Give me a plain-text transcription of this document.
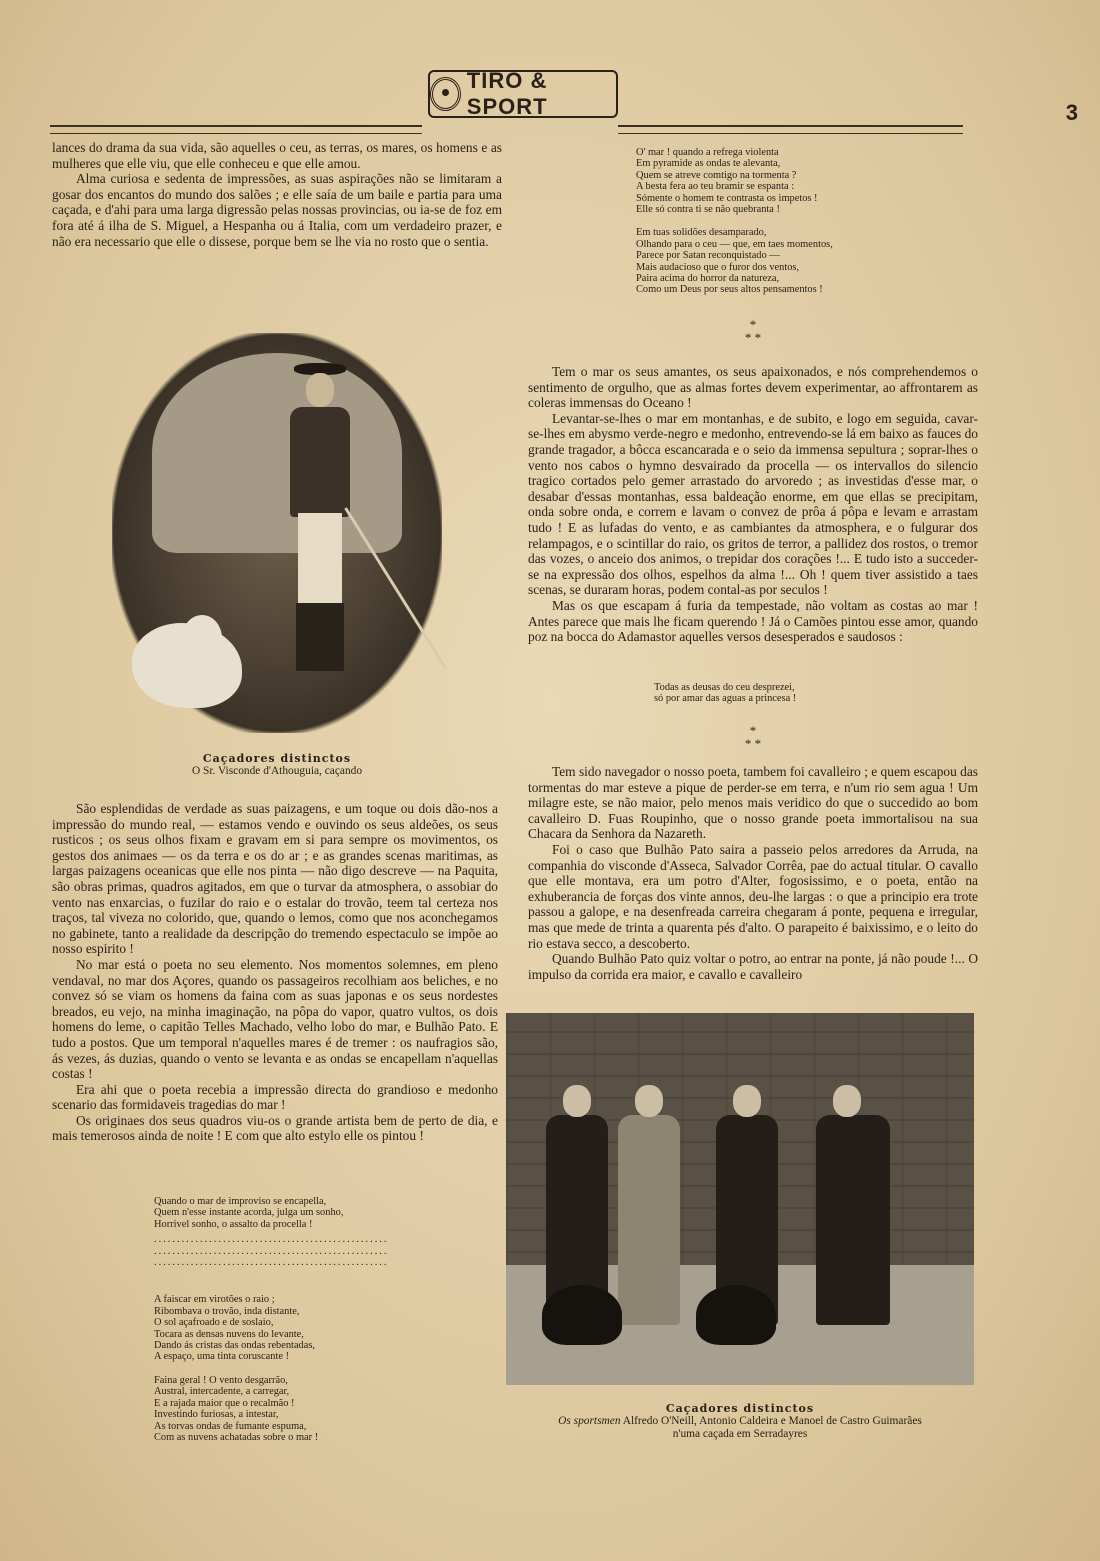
TIRO & SPORT	3

lances do drama da sua vida, são aquelles o ceu, as terras, os mares, os homens e as mulheres que elle viu, que elle conheceu e que elle amou.

Alma curiosa e sedenta de impressões, as suas aspirações não se limitaram a gosar dos encantos do mundo dos salões ; e elle saía de um baile e partia para uma caçada, e d'ahi para uma larga digressão pelas nossas provincias, ou ia-se de foz em fora até á ilha de S. Miguel, a Hespanha ou á Italia, com um verdadeiro prazer, e não era necessario que elle o dissese, porque bem se lhe via no rosto que o sentia.

O' mar ! quando a refrega violenta
Em pyramide as ondas te alevanta,
Quem se atreve comtigo na tormenta ?
A besta fera ao teu bramir se espanta :
Sómente o homem te contrasta os impetos !
Elle só contra ti se não quebranta !
Em tuas solidões desamparado,
Olhando para o ceu — que, em taes momentos,
Parece por Satan reconquistado —
Mais audacioso que o furor dos ventos,
Paira acima do horror da natureza,
Como um Deus por seus altos pensamentos !
*
* *
Caçadores distinctos
O Sr. Visconde d'Athouguia, caçando

Tem o mar os seus amantes, os seus apaixonados, e nós comprehendemos o sentimento de orgulho, que as almas fortes devem experimentar, ao affrontarem as coleras immensas do Oceano !

Levantar-se-lhes o mar em montanhas, e de subito, e logo em seguida, cavar-se-lhes em abysmo verde-negro e medonho, entrevendo-se lá em baixo as fauces do grande tragador, a bôcca escancarada e o seio da immensa sepultura ; soprar-lhes o vento nos cabos o hymno desvairado da procella — os intervallos do silencio tragico cortados pelo gemer arrastado do arvoredo ; as investidas d'esse mar, o desabar d'essas montanhas, essa baldeação enorme, em que ellas se precipitam, onda sobre onda, e correm e lavam o convez de prôa á pôpa e levam e arrastam tudo ! E as lufadas do vento, e as cambiantes da atmosphera, e o fulgurar dos relampagos, e o scintillar do raio, os gritos de terror, a pallidez dos rostos, o tremor das vozes, o anceio dos animos, o trepidar dos corações !... E tudo isto a succeder-se na expressão dos olhos, espelhos da alma !... Oh ! quem tiver assistido a taes scenas, se duraram horas, podem contal-as por seculos !

Mas os que escapam á furia da tempestade, não voltam as costas ao mar ! Antes parece que mais lhe ficam querendo ! Já o Camões pintou esse amor, quando poz na bocca do Adamastor aquelles versos desesperados e saudosos :

Todas as deusas do ceu desprezei,
só por amar das aguas a princesa !
*
* *

Tem sido navegador o nosso poeta, tambem foi cavalleiro ; e quem escapou das tormentas do mar esteve a pique de perder-se em terra, e n'um rio sem agua ! Um milagre este, se não maior, pelo menos mais veridico do que o succedido ao bom cavalleiro D. Fuas Roupinho, que o nosso grande poeta immortalisou na sua Chacara da Senhora da Nazareth.

Foi o caso que Bulhão Pato saira a passeio pelos arredores da Arruda, na companhia do visconde d'Asseca, Salvador Corrêa, pae do actual titular. O cavallo que elle montava, era um potro d'Alter, fogosissimo, e o poeta, então na exhuberancia de forças dos vinte annos, deu-lhe largas : o que a principio era trote passou a galope, e na desenfreada carreira chegaram á ponte, pequena e irregular, mas que mede de trinta a quarenta pés d'alto. O parapeito é baixissimo, e o leito do rio estava secco, a descoberto.

Quando Bulhão Pato quiz voltar o potro, ao entrar na ponte, já não poude !... O impulso da corrida era maior, e cavallo e cavalleiro

São esplendidas de verdade as suas paizagens, e um toque ou dois dão-nos a impressão do mundo real, — estamos vendo e ouvindo os seus aldeões, os seus rusticos ; os seus olhos fixam e gravam em si para sempre os movimentos, os gestos dos animaes — os da terra e os do ar ; e as grandes scenas maritimas, as largas paizagens oceanicas que elle nos pinta — não digo descreve — na Paquita, são obras primas, quadros agitados, em que o turvar da atmosphera, o assobiar do vento nas enxarcias, o fuzilar do raio e o estalar do trovão, teem tal certeza nos traços, tal viveza no colorido, que, quando o lemos, como que nos aconchegamos no gabinete, tanto a realidade da descripção do tremendo espectaculo se impõe ao nosso espirito !

No mar está o poeta no seu elemento. Nos momentos solemnes, em pleno vendaval, no mar dos Açores, quando os passageiros recolhiam aos beliches, e no convez só se viam os homens da faina com as suas japonas e os seus nordestes breados, eu vejo, na minha imaginação, na pôpa do vapor, quatro vultos, os dois homens do leme, o capitão Telles Machado, velho lobo do mar, e Bulhão Pato. E tudo a postos. Que um temporal n'aquelles mares é de tremer : os naufragios são, ás vezes, ás duzias, quando o vento se levanta e as ondas se encapellam n'aquellas costas !

Era ahi que o poeta recebia a impressão directa do grandioso e medonho scenario das formidaveis tragedias do mar !

Os originaes dos seus quadros viu-os o grande artista bem de perto de dia, e mais temerosos ainda de noite ! E com que alto estylo elle os pintou !

Quando o mar de improviso se encapella,
Quem n'esse instante acorda, julga um sonho,
Horrivel sonho, o assalto da procella !
...................................................
...................................................
...................................................
A faiscar em virotões o raio ;
Ribombava o trovão, inda distante,
O sol açafroado e de soslaio,
Tocara as densas nuvens do levante,
Dando ás cristas das ondas rebentadas,
A espaço, uma tinta coruscante !
Faina geral ! O vento desgarrão,
Austral, intercadente, a carregar,
E a rajada maior que o recalmão !
Investindo furiosas, a intestar,
As torvas ondas de fumante espuma,
Com as nuvens achatadas sobre o mar !
Caçadores distinctos
Os sportsmen Alfredo O'Neill, Antonio Caldeira e Manoel de Castro Guimarães
n'uma caçada em Serradayres
